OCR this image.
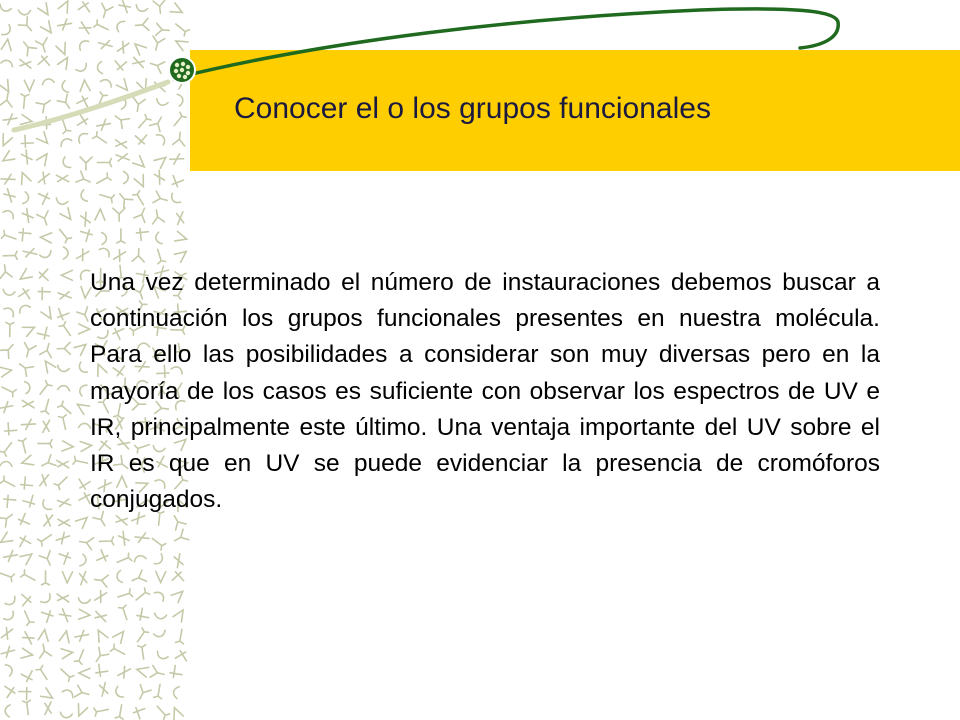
Conocer el o los grupos funcionales

Una vez determinado el número de instauraciones debemos buscar a continuación los grupos funcionales presentes en nuestra molécula. Para ello las posibilidades a considerar son muy diversas pero en la mayoría de los casos es suficiente con observar los espectros de UV e IR, principalmente este último. Una ventaja importante del UV sobre el IR es que en UV se puede evidenciar la presencia de cromóforos conjugados.
